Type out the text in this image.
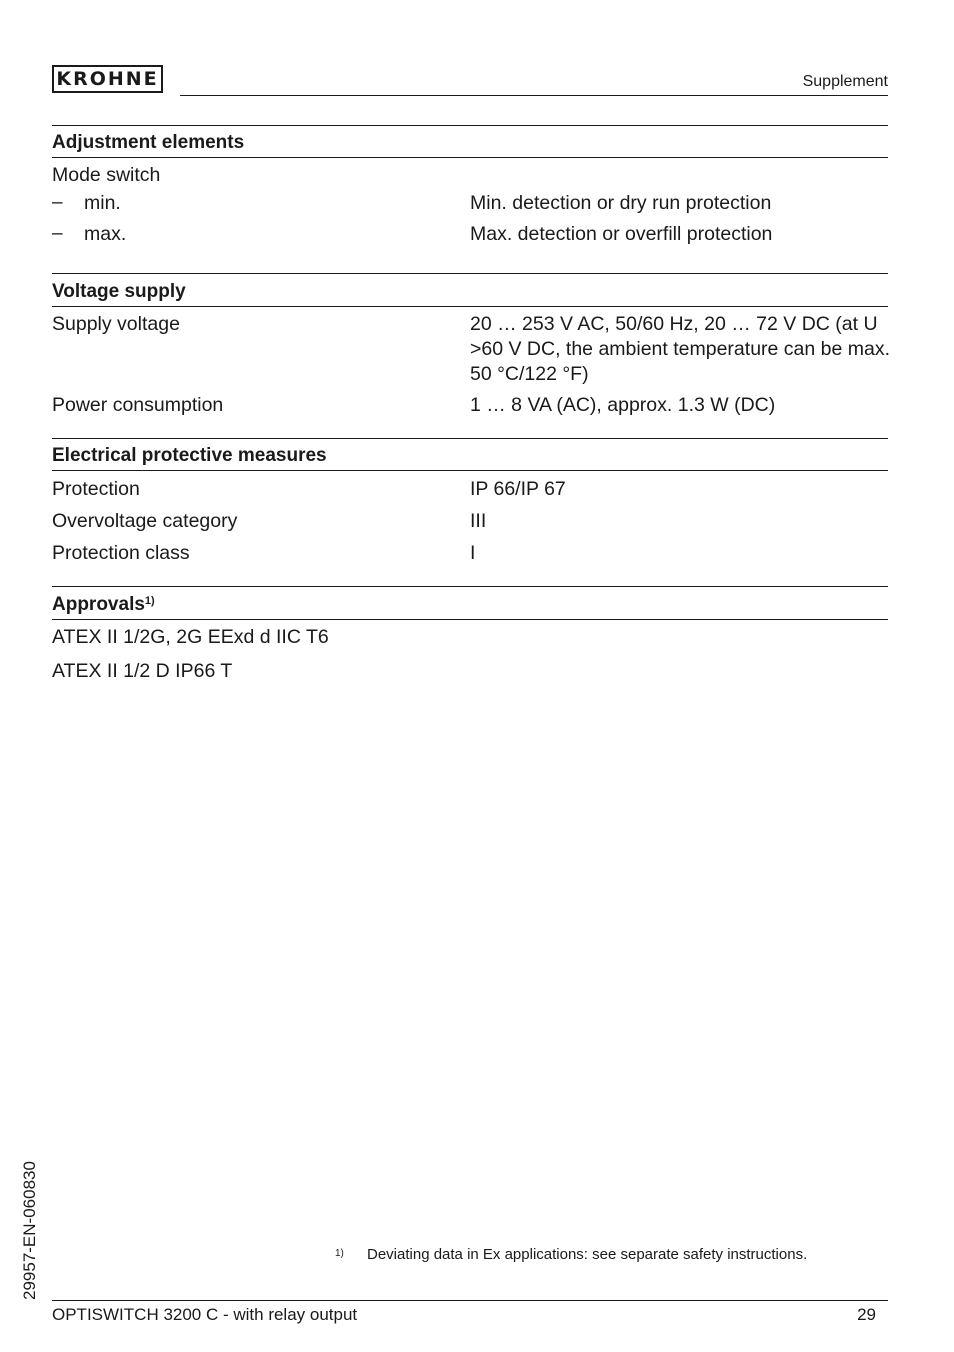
KROHNE	Supplement
Adjustment elements
Mode switch
– min.	Min. detection or dry run protection
– max.	Max. detection or overfill protection
Voltage supply
Supply voltage	20 … 253 V AC, 50/60 Hz, 20 … 72 V DC (at U >60 V DC, the ambient temperature can be max. 50 °C/122 °F)
Power consumption	1 … 8 VA (AC), approx. 1.3 W (DC)
Electrical protective measures
Protection	IP 66/IP 67
Overvoltage category	III
Protection class	I
Approvals$^{1)}$
ATEX II 1/2G, 2G EExd d IIC T6
ATEX II 1/2 D IP66 T
29957-EN-060830	1) Deviating data in Ex applications: see separate safety instructions.
OPTISWITCH 3200 C - with relay output	29
